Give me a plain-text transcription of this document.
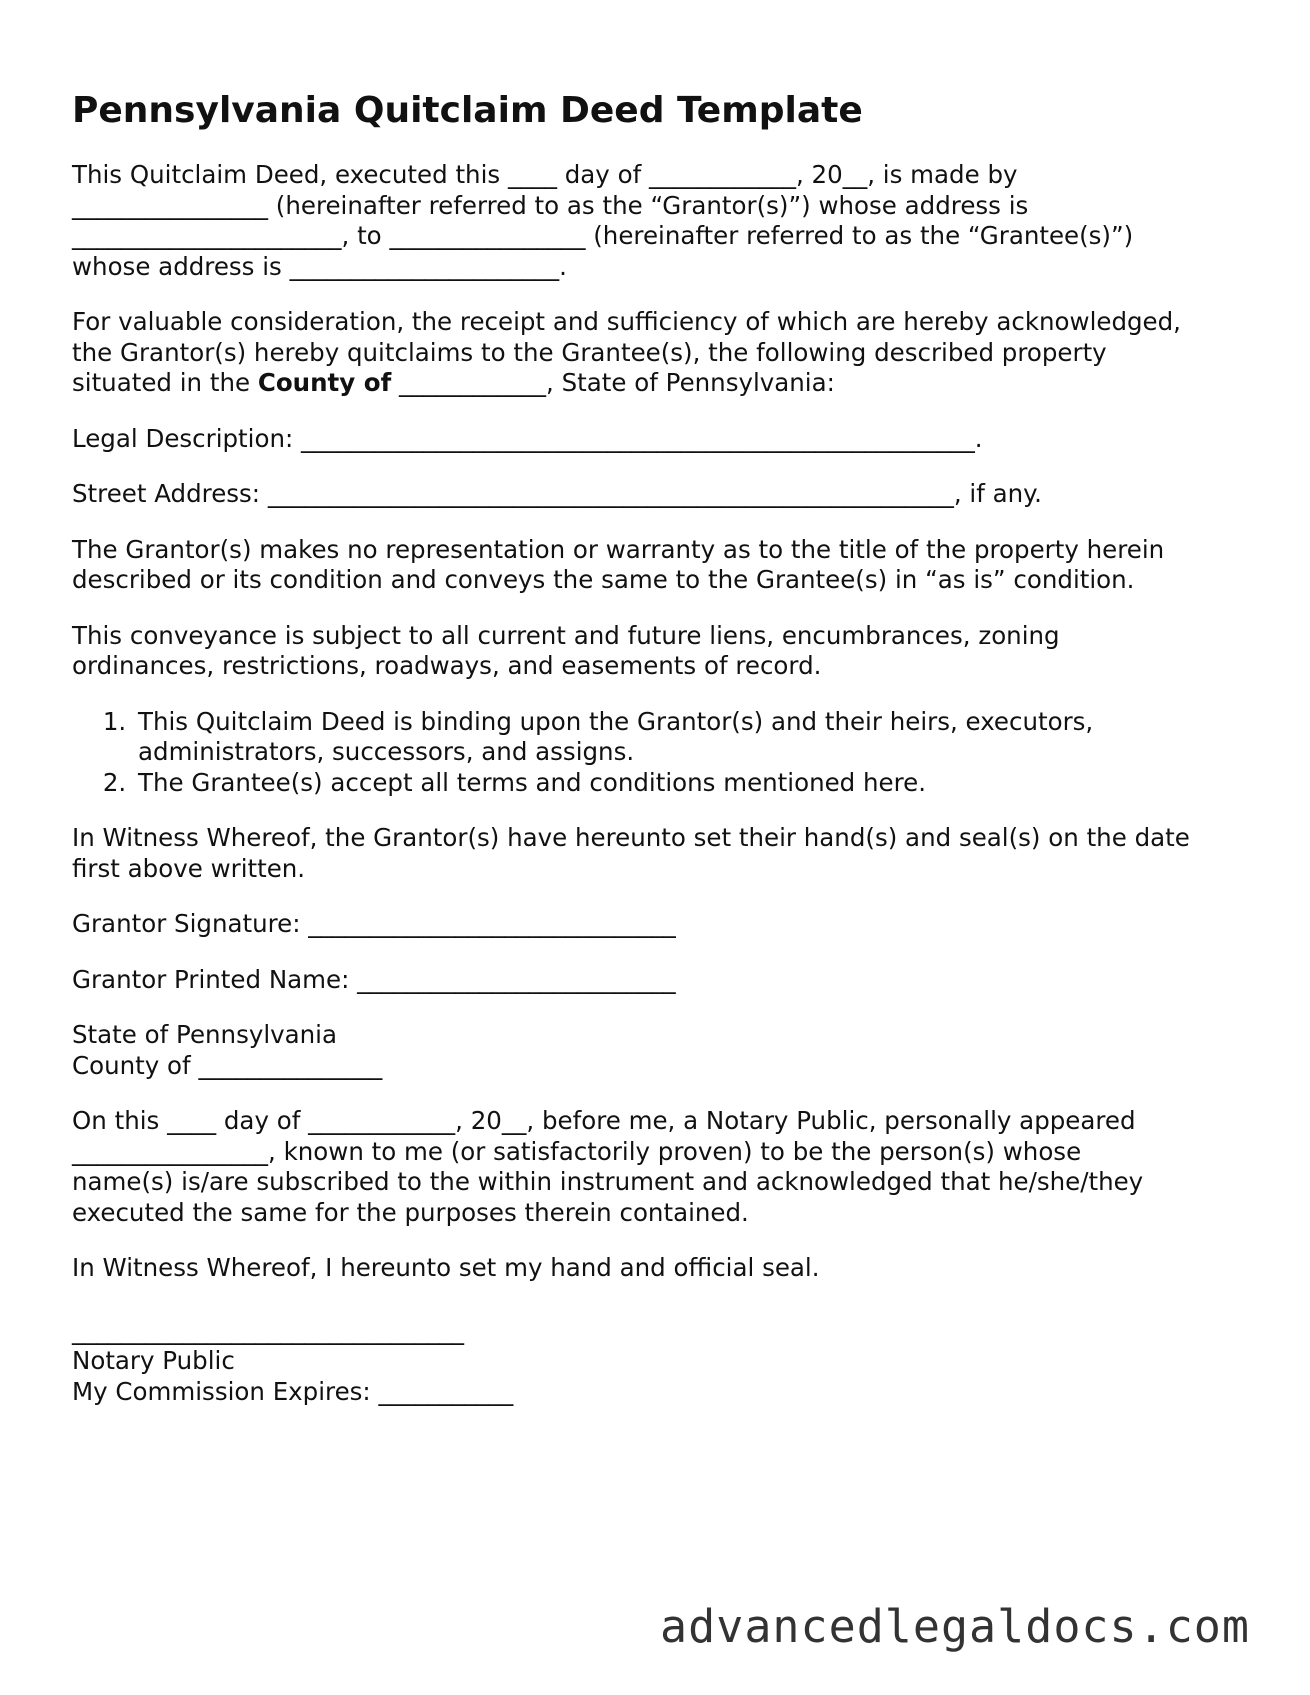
Pennsylvania Quitclaim Deed Template

This Quitclaim Deed, executed this ____ day of ____________, 20__, is made by
________________ (hereinafter referred to as the “Grantor(s)”) whose address is
______________________, to ________________ (hereinafter referred to as the “Grantee(s)”)
whose address is ______________________.

For valuable consideration, the receipt and sufficiency of which are hereby acknowledged,
the Grantor(s) hereby quitclaims to the Grantee(s), the following described property
situated in the County of ____________, State of Pennsylvania:

Legal Description: _______________________________________________________.

Street Address: ________________________________________________________, if any.

The Grantor(s) makes no representation or warranty as to the title of the property herein
described or its condition and conveys the same to the Grantee(s) in “as is” condition.

This conveyance is subject to all current and future liens, encumbrances, zoning
ordinances, restrictions, roadways, and easements of record.

1. This Quitclaim Deed is binding upon the Grantor(s) and their heirs, executors,
administrators, successors, and assigns.
2. The Grantee(s) accept all terms and conditions mentioned here.

In Witness Whereof, the Grantor(s) have hereunto set their hand(s) and seal(s) on the date
first above written.

Grantor Signature: ______________________________

Grantor Printed Name: __________________________

State of Pennsylvania
County of _______________

On this ____ day of ____________, 20__, before me, a Notary Public, personally appeared
________________, known to me (or satisfactorily proven) to be the person(s) whose
name(s) is/are subscribed to the within instrument and acknowledged that he/she/they
executed the same for the purposes therein contained.

In Witness Whereof, I hereunto set my hand and official seal.

________________________________
Notary Public
My Commission Expires: ___________

advancedlegaldocs.com
